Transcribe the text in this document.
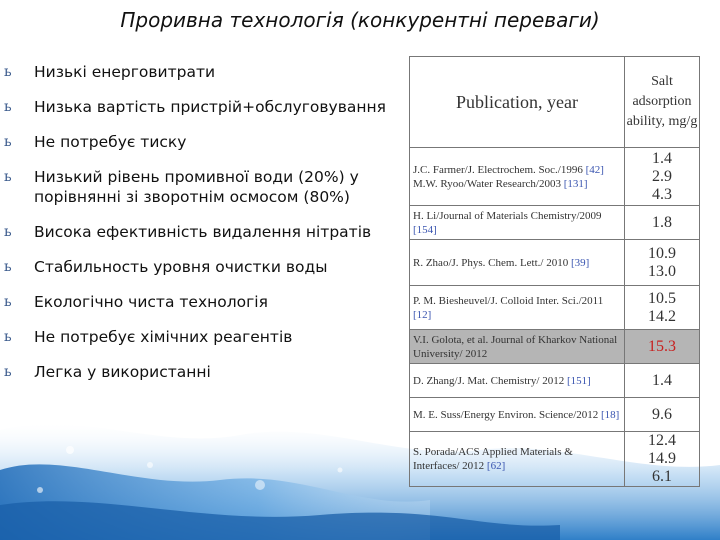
Проривна технологія (конкурентні переваги)
ь Низькі енерговитрати
ь Низька вартість пристрій+обслуговування
ь Не потребує тиску
ь Низький рівень промивної води (20%) у порівнянні зі зворотнім осмосом (80%)
ь Висока ефективність видалення нітратів
ь Стабильность уровня очистки воды
ь Екологічно чиста технологія
ь Не потребує хімічних реагентів
ь Легка у використанні
Publication, year	Salt adsorption ability, mg/g
J.C. Farmer/J. Electrochem. Soc./1996 [42] M.W. Ryoo/Water Research/2003 [131]	1.4
2.9
4.3

H. Li/Journal of Materials Chemistry/2009 [154]	1.8

R. Zhao/J. Phys. Chem. Lett./ 2010 [39]	10.9
13.0

P. M. Biesheuvel/J. Colloid Inter. Sci./2011 [12]	10.5
14.2

V.I. Golota, et al. Journal of Kharkov National University/ 2012	15.3

D. Zhang/J. Mat. Chemistry/ 2012 [151]	1.4

M. E. Suss/Energy Environ. Science/2012 [18]	9.6

S. Porada/ACS Applied Materials & Interfaces/ 2012 [62]	12.4
14.9
6.1
